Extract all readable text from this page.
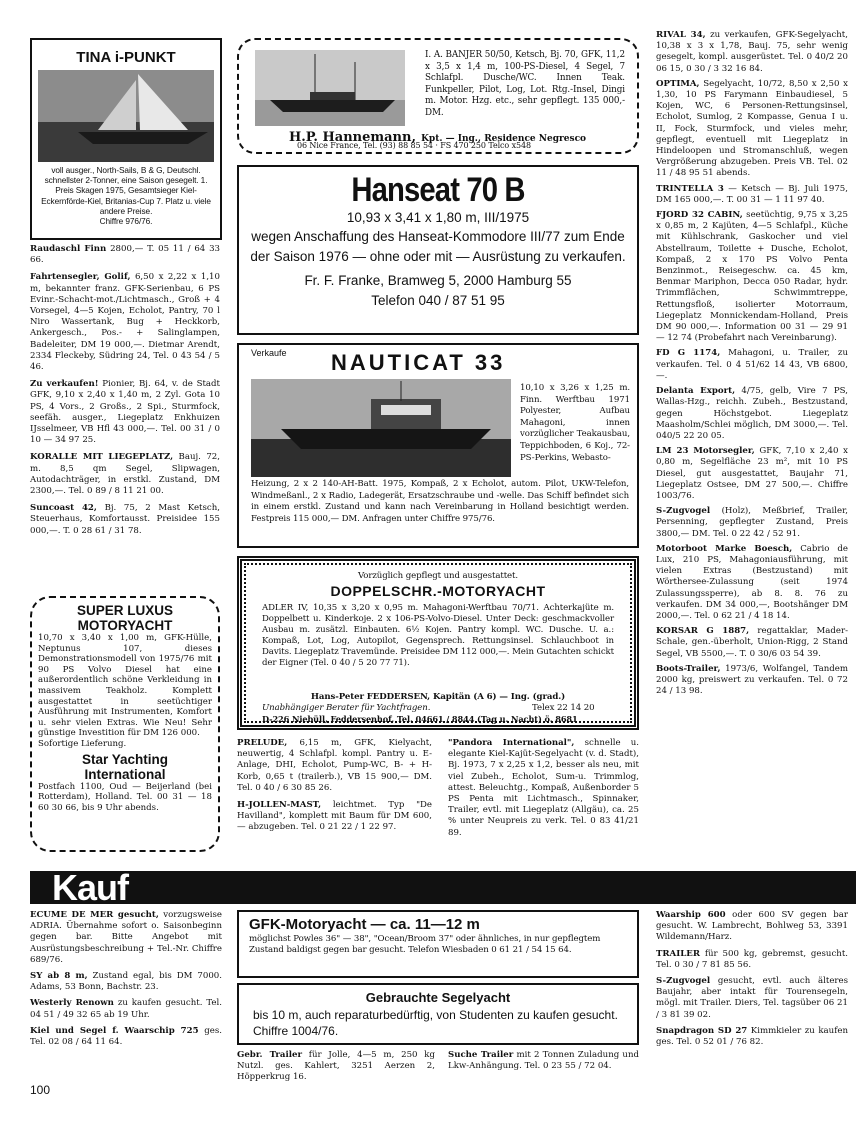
TINA i-PUNKT
voll ausger., North-Sails, B & G, Deutschl. schnellster 2-Tonner, eine Saison gesegelt. 1. Preis Skagen 1975, Gesamtsieger Kiel-Eckernförde-Kiel, Britanias-Cup 7. Platz u. viele andere Preise.
Chiffre 976/76.
Raudaschl Finn 2800,— T. 05 11 / 64 33 66.
Fahrtensegler, Golif, 6,50 x 2,22 x 1,10 m, bekannter franz. GFK-Serienbau, 6 PS Evinr.-Schacht-mot./Lichtmasch., Groß + 4 Vorsegel, 4—5 Kojen, Echolot, Pantry, 70 l Niro Wassertank, Bug + Heckkorb, Ankergesch., Pos.- + Salinglampen, Badeleiter, DM 19 000,—. Dietmar Arendt, 2334 Fleckeby, Südring 24, Tel. 0 43 54 / 5 46.
Zu verkaufen! Pionier, Bj. 64, v. de Stadt GFK, 9,10 x 2,40 x 1,40 m, 2 Zyl. Gota 10 PS, 4 Vors., 2 Großs., 2 Spi., Sturmfock, seefäh. ausger., Liegeplatz Enkhuizen IJsselmeer, VB Hfl 43 000,—. Tel. 00 31 / 0 10 — 34 97 25.
KORALLE MIT LIEGEPLATZ, Bauj. 72, m. 8,5 qm Segel, Slipwagen, Autodachträger, in erstkl. Zustand, DM 2300,—. Tel. 0 89 / 8 11 21 00.
Suncoast 42, Bj. 75, 2 Mast Ketsch, Steuerhaus, Komfortausst. Preisidee 155 000,—. T. 0 28 61 / 31 78.
SUPER LUXUS
MOTORYACHT
10,70 x 3,40 x 1,00 m, GFK-Hülle, Neptunus 107, dieses Demonstrationsmodell von 1975/76 mit 90 PS Volvo Diesel hat eine außerordentlich schöne Verkleidung in massivem Teakholz. Komplett ausgestattet in seetüchtiger Ausführung mit Instrumenten, Komfort u. sehr vielen Extras. Wie Neu! Sehr günstige Investition für DM 126 000.
Sofortige Lieferung.
Star Yachting
International
Postfach 1100, Oud — Beijerland (bei Rotterdam), Holland. Tel. 00 31 — 18 60 30 66, bis 9 Uhr abends.
I. A. BANJER 50/50, Ketsch, Bj. 70, GFK, 11,2 x 3,5 x 1,4 m, 100-PS-Diesel, 4 Segel, 7 Schlafpl. Dusche/WC. Innen Teak. Funkpeller, Pilot, Log, Lot. Rtg.-Insel, Dingi m. Motor. Hzg. etc., sehr gepflegt. 135 000,- DM.
H.P. Hannemann, Kpt. — Ing., Residence Negresco
06 Nice France, Tel. (93) 88 85 54 · FS 470 250 Telco x548
Hanseat 70 B
10,93 x 3,41 x 1,80 m, III/1975
wegen Anschaffung des Hanseat-Kommodore III/77 zum Ende der Saison 1976 — ohne oder mit — Ausrüstung zu verkaufen.
Fr. F. Franke, Bramweg 5, 2000 Hamburg 55
Telefon 040 / 87 51 95
Verkaufe NAUTICAT 33
10,10 x 3,26 x 1,25 m. Finn. Werftbau 1971 Polyester, Aufbau Mahagoni, innen vorzüglicher Teakausbau, Teppichboden, 6 Koj., 72-PS-Perkins, Webasto-
Heizung, 2 x 2 140-AH-Batt. 1975, Kompaß, 2 x Echolot, autom. Pilot, UKW-Telefon, Windmeßanl., 2 x Radio, Ladegerät, Ersatzschraube und -welle. Das Schiff befindet sich in einem erstkl. Zustand und kann nach Vereinbarung in Holland besichtigt werden. Festpreis 115 000,— DM. Anfragen unter Chiffre 975/76.
Vorzüglich gepflegt und ausgestattet.
DOPPELSCHR.-MOTORYACHT
ADLER IV, 10,35 x 3,20 x 0,95 m. Mahagoni-Werftbau 70/71. Achterkajüte m. Doppelbett u. Kinderkoje. 2 x 106-PS-Volvo-Diesel. Unter Deck: geschmackvoller Ausbau m. zusätzl. Einbauten. 6½ Kojen. Pantry kompl. WC. Dusche. U. a.: Kompaß, Lot, Log, Autopilot, Gegensprech. Rettungsinsel. Schlauchboot in Davits. Liegeplatz Travemünde. Preisidee DM 112 000,—. Mein Gutachten schickt der Eigner (Tel. 0 40 / 5 20 77 71).
Hans-Peter FEDDERSEN, Kapitän (A 6) — Ing. (grad.)
Unabhängiger Berater für Yachtfragen.	Telex 22 14 20
D-226 Niebüll, Feddersenhof, Tel. 04661 / 8844 (Tag u. Nacht) ö. 8681
PRELUDE, 6,15 m, GFK, Kielyacht, neuwertig, 4 Schlafpl. kompl. Pantry u. E- Anlage, DHI, Echolot, Pump-WC, B- + H-Korb, 0,65 t (trailerb.), VB 15 900,— DM. Tel. 0 40 / 6 30 85 26.
H-JOLLEN-MAST, leichtmet. Typ "De Havilland", komplett mit Baum für DM 600,— abzugeben. Tel. 0 21 22 / 1 22 97.
"Pandora International", schnelle u. elegante Kiel-Kajüt-Segelyacht (v. d. Stadt), Bj. 1973, 7 x 2,25 x 1,2, besser als neu, mit viel Zubeh., Echolot, Sum-u. Trimmlog, attest. Beleuchtg., Kompaß, Außenborder 5 PS Penta mit Lichtmasch., Spinnaker, Trailer, evtl. mit Liegeplatz (Allgäu), ca. 25 % unter Neupreis zu verk. Tel. 0 83 41/21 89.
RIVAL 34, zu verkaufen, GFK-Segelyacht, 10,38 x 3 x 1,78, Bauj. 75, sehr wenig gesegelt, kompl. ausgerüstet. Tel. 0 40/2 20 06 15, 0 30 / 3 32 16 84.
OPTIMA, Segelyacht, 10/72, 8,50 x 2,50 x 1,30, 10 PS Farymann Einbaudiesel, 5 Kojen, WC, 6 Personen-Rettungsinsel, Echolot, Sumlog, 2 Kompasse, Genua I u. II, Fock, Sturmfock, und vieles mehr, gepflegt, eventuell mit Liegeplatz in Hindeloopen und Stromanschluß, wegen Vergrößerung abzugeben. Preis VB. Tel. 02 11 / 48 95 51 abends.
TRINTELLA 3 — Ketsch — Bj. Juli 1975, DM 165 000,—. T. 00 31 — 1 11 97 40.
FJORD 32 CABIN, seetüchtig, 9,75 x 3,25 x 0,85 m, 2 Kajüten, 4—5 Schlafpl., Küche mit Kühlschrank, Gaskocher und viel Abstellraum, Toilette + Dusche, Echolot, Kompaß, 2 x 170 PS Volvo Penta Benzinmot., Reisegeschw. ca. 45 km, Benmar Mariphon, Decca 050 Radar, hydr. Trimmflächen, Schwimmtreppe, Rettungsfloß, isolierter Motorraum, Liegeplatz Monnickendam-Holland, Preis DM 90 000,—. Information 00 31 — 29 91 — 12 74 (Probefahrt nach Vereinbarung).
FD G 1174, Mahagoni, u. Trailer, zu verkaufen. Tel. 0 4 51/62 14 43, VB 6800,—.
Delanta Export, 4/75, gelb, Vire 7 PS, Wallas-Hzg., reichh. Zubeh., Bestzustand, gegen Höchstgebot. Liegeplatz Maasholm/Schlei möglich, DM 3000,—. Tel. 040/5 22 20 05.
LM 23 Motorsegler, GFK, 7,10 x 2,40 x 0,80 m, Segelfläche 23 m², mit 10 PS Diesel, gut ausgestattet, Baujahr 71, Liegeplatz Ostsee, DM 27 500,—. Chiffre 1003/76.
S-Zugvogel (Holz), Meßbrief, Trailer, Persenning, gepflegter Zustand, Preis 3800,— DM. Tel. 0 22 42 / 52 91.
Motorboot Marke Boesch, Cabrio de Lux, 210 PS, Mahagoniausführung, mit vielen Extras (Bestzustand) mit Wörthersee-Zulassung (seit 1974 Zulassungssperre), ab 8. 8. 76 zu verkaufen. DM 34 000,—, Bootshänger DM 2000,—. Tel. 0 62 21 / 4 18 14.
KORSAR G 1887, regattaklar, Mader-Schale, gen.-überholt, Union-Rigg, 2 Stand Segel, VB 5500,—. T. 0 30/6 03 54 39.
Boots-Trailer, 1973/6, Wolfangel, Tandem 2000 kg, preiswert zu verkaufen. Tel. 0 72 24 / 13 98.
Kauf
ECUME DE MER gesucht, vorzugsweise ADRIA. Übernahme sofort o. Saisonbeginn gegen bar. Bitte Angebot mit Ausrüstungsbeschreibung + Tel.-Nr. Chiffre 689/76.
SY ab 8 m, Zustand egal, bis DM 7000. Adams, 53 Bonn, Bachstr. 23.
Westerly Renown zu kaufen gesucht. Tel. 04 51 / 49 32 65 ab 19 Uhr.
Kiel und Segel f. Waarschip 725 ges. Tel. 02 08 / 64 11 64.
GFK-Motoryacht — ca. 11—12 m
möglichst Powles 36" — 38", "Ocean/Broom 37" oder ähnliches, in nur gepflegtem Zustand baldigst gegen bar gesucht. Telefon Wiesbaden 0 61 21 / 54 15 64.
Gebrauchte Segelyacht
bis 10 m, auch reparaturbedürftig, von Studenten zu kaufen gesucht. Chiffre 1004/76.
Gebr. Trailer für Jolle, 4—5 m, 250 kg Nutzl. ges. Kahlert, 3251 Aerzen 2, Höpperkrug 16.
Suche Trailer mit 2 Tonnen Zuladung und Lkw-Anhängung. Tel. 0 23 55 / 72 04.
Waarship 600 oder 600 SV gegen bar gesucht. W. Lambrecht, Bohlweg 53, 3391 Wildemann/Harz.
TRAILER für 500 kg, gebremst, gesucht. Tel. 0 30 / 7 81 85 56.
S-Zugvogel gesucht, evtl. auch älteres Baujahr, aber intakt für Tourensegeln, mögl. mit Trailer. Diers, Tel. tagsüber 06 21 / 3 81 39 02.
Snapdragon SD 27 Kimmkieler zu kaufen ges. Tel. 0 52 01 / 76 82.
100
